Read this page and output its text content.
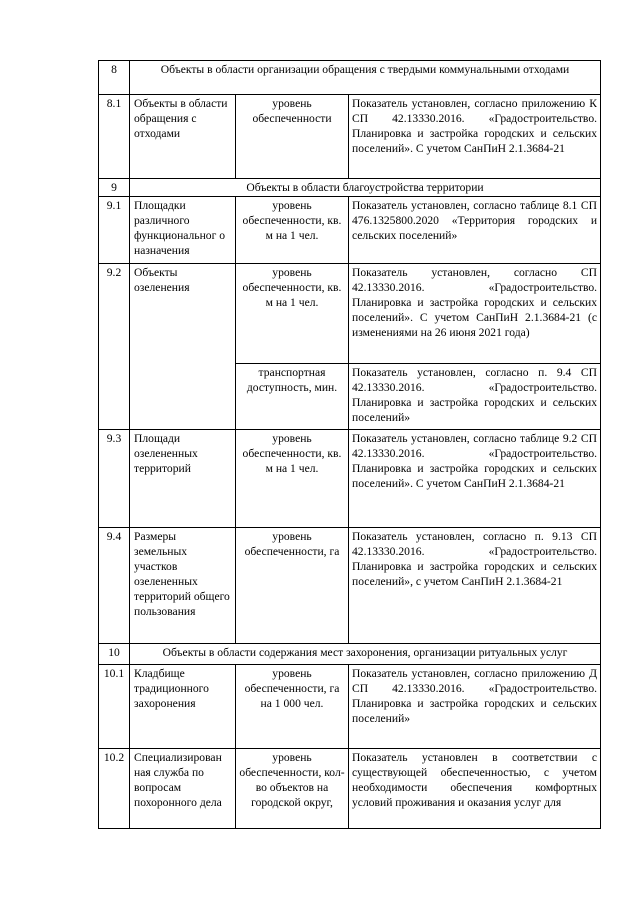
8	Объекты в области организации обращения с твердыми коммунальными отходами		
8.1	Объекты в области обращения с отходами	уровень обеспеченности	Показатель установлен, согласно приложению К СП 42.13330.2016. «Градостроительство. Планировка и застройка городских и сельских поселений». С учетом СанПиН 2.1.3684-21
9	Объекты в области благоустройства территории		
9.1	Площадки различного функциональног о назначения	уровень обеспеченности, кв. м на 1 чел.	Показатель установлен, согласно таблице 8.1 СП 476.1325800.2020 «Территория городских и сельских поселений»
9.2	Объекты озеленения	уровень обеспеченности, кв. м на 1 чел.	Показатель установлен, согласно СП 42.13330.2016. «Градостроительство. Планировка и застройка городских и сельских поселений». С учетом СанПиН 2.1.3684-21 (с изменениями на 26 июня 2021 года)
		транспортная доступность, мин.	Показатель установлен, согласно п. 9.4 СП 42.13330.2016. «Градостроительство. Планировка и застройка городских и сельских поселений»
9.3	Площади озелененных территорий	уровень обеспеченности, кв. м на 1 чел.	Показатель установлен, согласно таблице 9.2 СП 42.13330.2016. «Градостроительство. Планировка и застройка городских и сельских поселений». С учетом СанПиН 2.1.3684-21
9.4	Размеры земельных участков озелененных территорий общего пользования	уровень обеспеченности, га	Показатель установлен, согласно п. 9.13 СП 42.13330.2016. «Градостроительство. Планировка и застройка городских и сельских поселений», с учетом СанПиН 2.1.3684-21
10	Объекты в области содержания мест захоронения, организации ритуальных услуг		
10.1	Кладбище традиционного захоронения	уровень обеспеченности, га на 1 000 чел.	Показатель установлен, согласно приложению Д СП 42.13330.2016. «Градостроительство. Планировка и застройка городских и сельских поселений»
10.2	Специализирован ная служба по вопросам похоронного дела	уровень обеспеченности, кол-во объектов на городской округ,	Показатель установлен в соответствии с существующей обеспеченностью, с учетом необходимости обеспечения комфортных условий проживания и оказания услуг для
